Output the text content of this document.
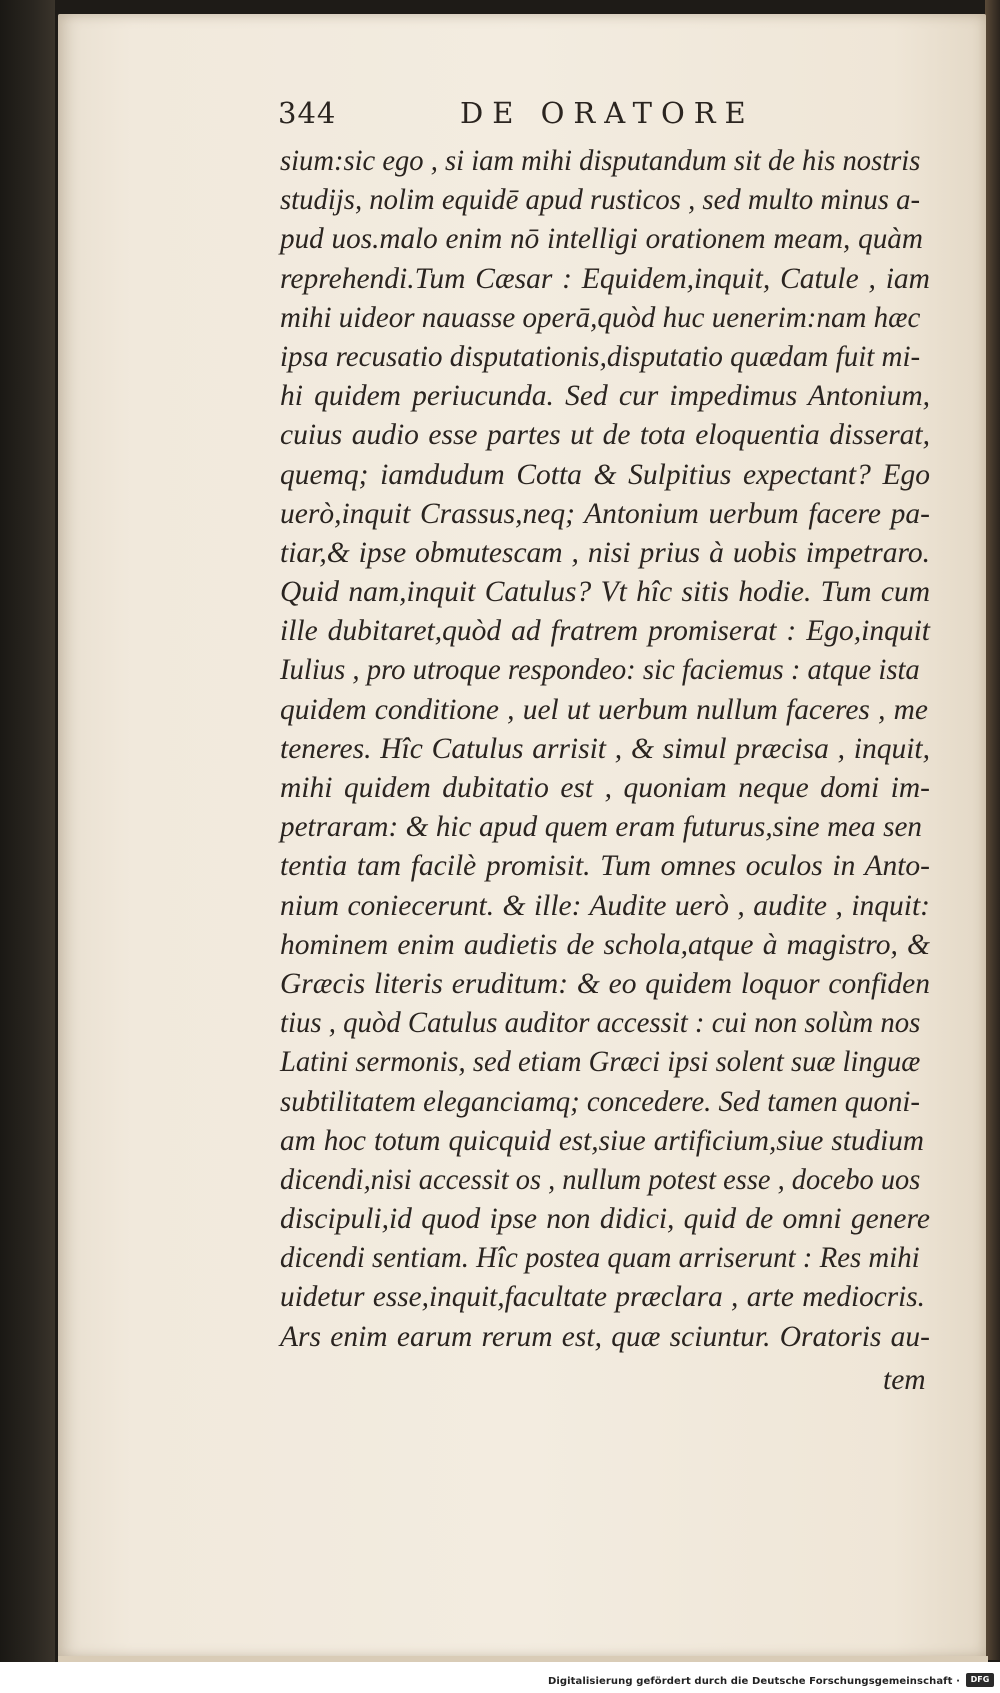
344	DE ORATORE
sium:sic ego , si iam mihi disputandum sit de his nostris
studijs, nolim equidē apud rusticos , sed multo minus a-
pud uos.malo enim nō intelligi orationem meam, quàm
reprehendi.Tum Cæsar : Equidem,inquit, Catule , iam
mihi uideor nauasse operā,quòd huc uenerim:nam hæc
ipsa recusatio disputationis,disputatio quædam fuit mi-
hi quidem periucunda. Sed cur impedimus Antonium,
cuius audio esse partes ut de tota eloquentia disserat,
quemq; iamdudum Cotta & Sulpitius expectant? Ego
uerò,inquit Crassus,neq; Antonium uerbum facere pa-
tiar,& ipse obmutescam , nisi prius à uobis impetraro.
Quid nam,inquit Catulus? Vt hîc sitis hodie. Tum cum
ille dubitaret,quòd ad fratrem promiserat : Ego,inquit
Iulius , pro utroque respondeo: sic faciemus : atque ista
quidem conditione , uel ut uerbum nullum faceres , me
teneres. Hîc Catulus arrisit , & simul præcisa , inquit,
mihi quidem dubitatio est , quoniam neque domi im-
petraram: & hic apud quem eram futurus,sine mea sen
tentia tam facilè promisit. Tum omnes oculos in Anto-
nium coniecerunt. & ille: Audite uerò , audite , inquit:
hominem enim audietis de schola,atque à magistro, &
Græcis literis eruditum: & eo quidem loquor confiden
tius , quòd Catulus auditor accessit : cui non solùm nos
Latini sermonis, sed etiam Græci ipsi solent suæ linguæ
subtilitatem eleganciamq; concedere. Sed tamen quoni-
am hoc totum quicquid est,siue artificium,siue studium
dicendi,nisi accessit os , nullum potest esse , docebo uos
discipuli,id quod ipse non didici, quid de omni genere
dicendi sentiam. Hîc postea quam arriserunt : Res mihi
uidetur esse,inquit,facultate præclara , arte mediocris.
Ars enim earum rerum est, quæ sciuntur. Oratoris au-
tem
Digitalisierung gefördert durch die Deutsche Forschungsgemeinschaft ·	DFG
